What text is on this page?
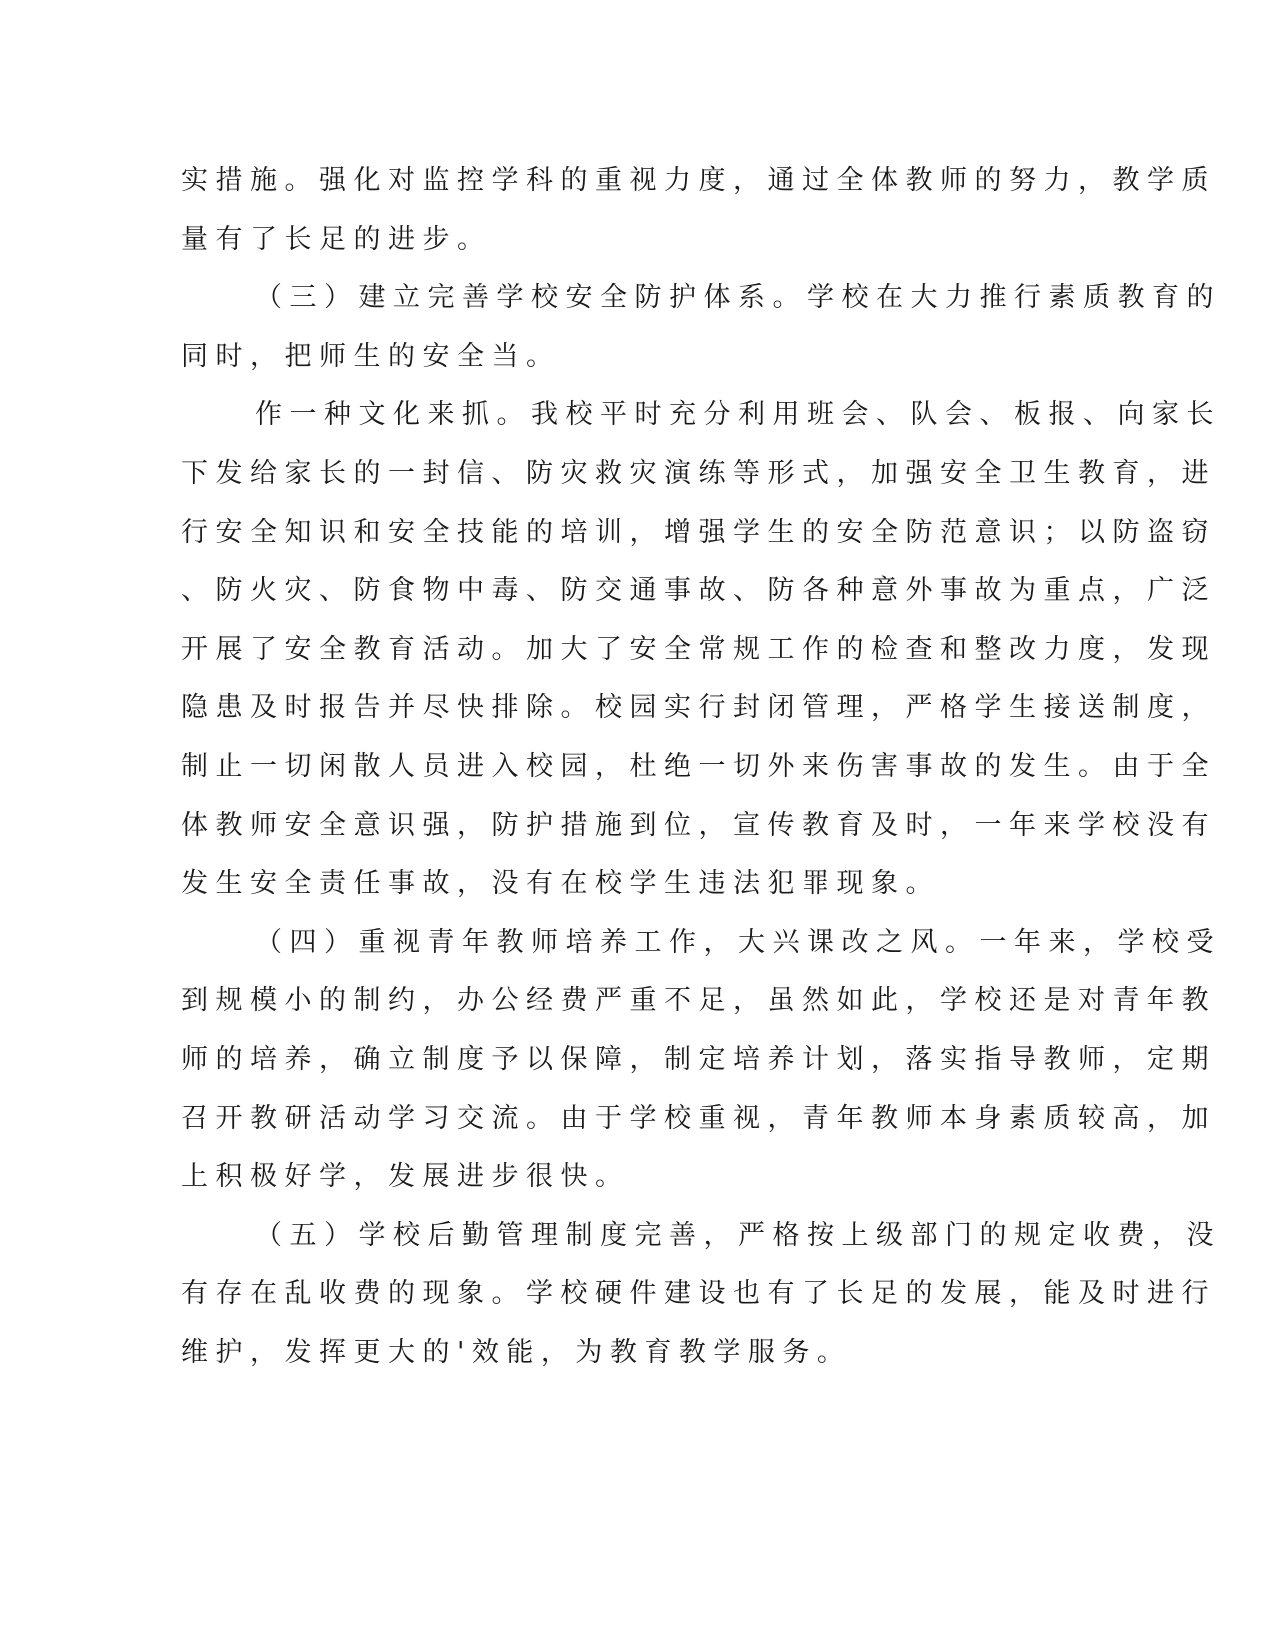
实措施。强化对监控学科的重视力度，通过全体教师的努力，教学质
量有了长足的进步。
（三）建立完善学校安全防护体系。学校在大力推行素质教育的
同时，把师生的安全当。
作一种文化来抓。我校平时充分利用班会、队会、板报、向家长
下发给家长的一封信、防灾救灾演练等形式，加强安全卫生教育，进
行安全知识和安全技能的培训，增强学生的安全防范意识；以防盗窃
、防火灾、防食物中毒、防交通事故、防各种意外事故为重点，广泛
开展了安全教育活动。加大了安全常规工作的检查和整改力度，发现
隐患及时报告并尽快排除。校园实行封闭管理，严格学生接送制度，
制止一切闲散人员进入校园，杜绝一切外来伤害事故的发生。由于全
体教师安全意识强，防护措施到位，宣传教育及时，一年来学校没有
发生安全责任事故，没有在校学生违法犯罪现象。
（四）重视青年教师培养工作，大兴课改之风。一年来，学校受
到规模小的制约，办公经费严重不足，虽然如此，学校还是对青年教
师的培养，确立制度予以保障，制定培养计划，落实指导教师，定期
召开教研活动学习交流。由于学校重视，青年教师本身素质较高，加
上积极好学，发展进步很快。
（五）学校后勤管理制度完善，严格按上级部门的规定收费，没
有存在乱收费的现象。学校硬件建设也有了长足的发展，能及时进行
维护，发挥更大的'效能，为教育教学服务。
